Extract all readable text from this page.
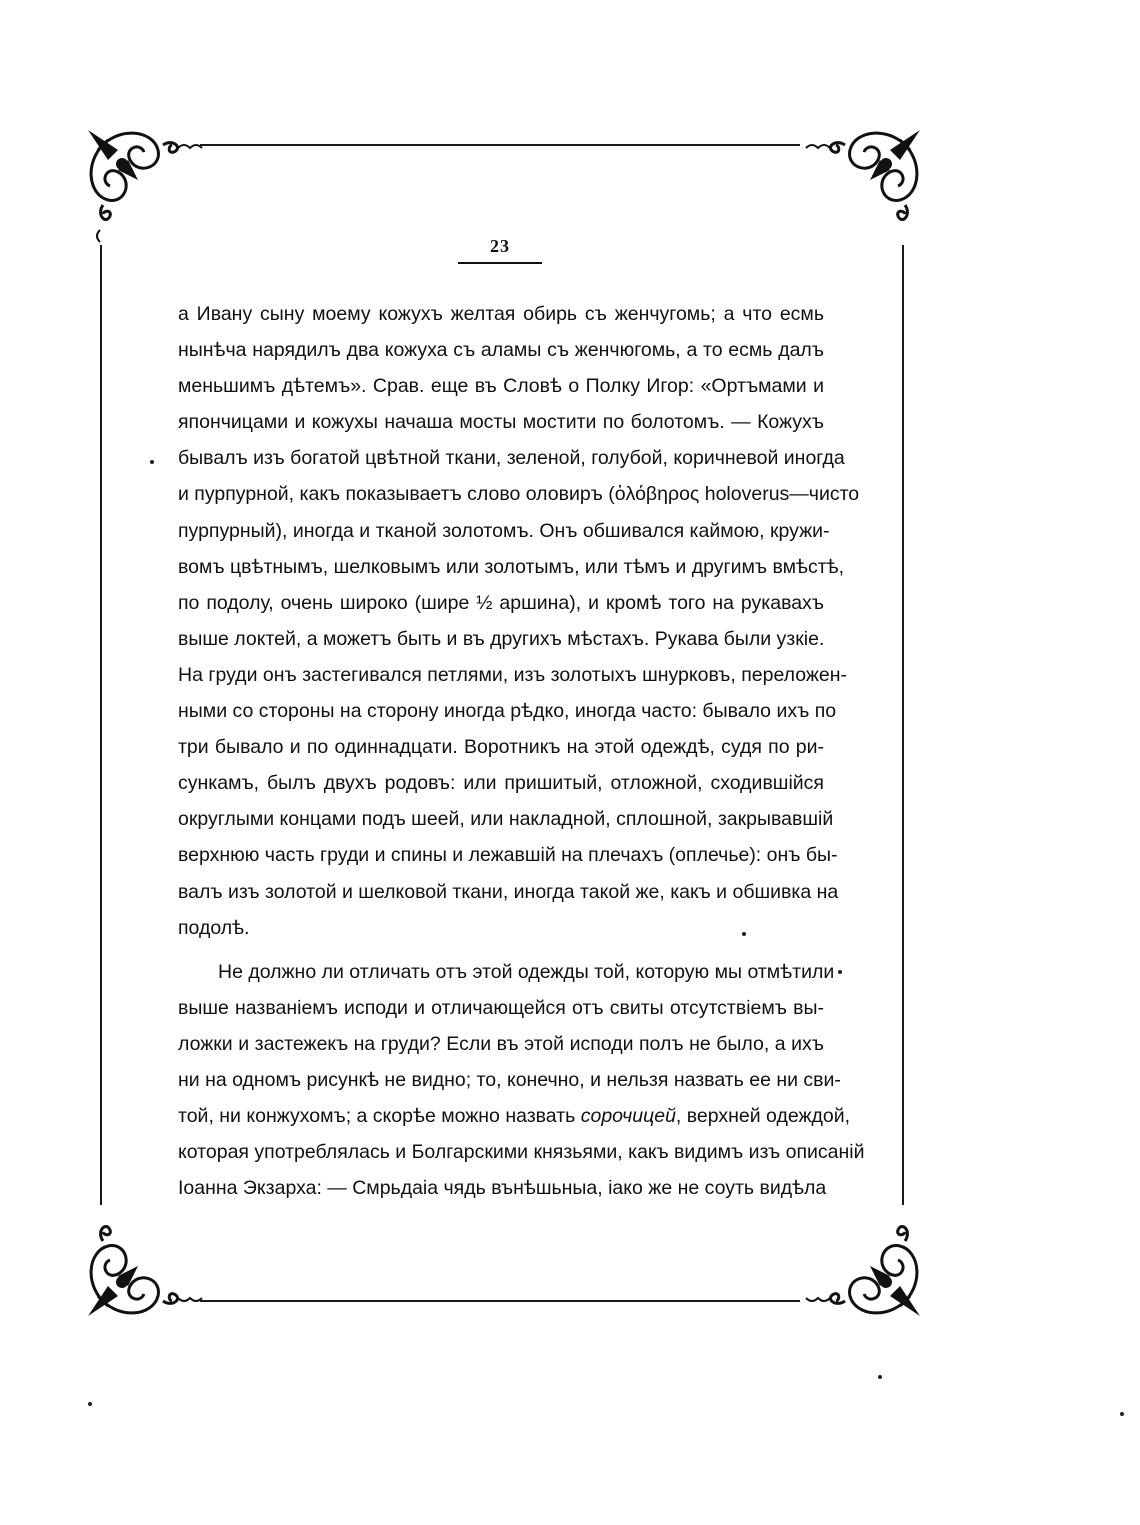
23
а Ивану сыну моему кожухъ желтая обирь съ женчугомь; а что есмь
нынѣча нарядилъ два кожуха съ аламы съ женчюгомь, а то есмь далъ
меньшимъ дѣтемъ». Срав. еще въ Словѣ о Полку Игор: «Ортъмами и
япончицами и кожухы начаша мосты мостити по болотомъ. — Кожухъ
бывалъ изъ богатой цвѣтной ткани, зеленой, голубой, коричневой иногда
и пурпурной, какъ показываетъ слово оловиръ (ὁλόβηρος holoverus—чисто
пурпурный), иногда и тканой золотомъ. Онъ обшивался каймою, кружи-
вомъ цвѣтнымъ, шелковымъ или золотымъ, или тѣмъ и другимъ вмѣстѣ,
по подолу, очень широко (шире ½ аршина), и кромѣ того на рукавахъ
выше локтей, а можетъ быть и въ другихъ мѣстахъ. Рукава были узкіе.
На груди онъ застегивался петлями, изъ золотыхъ шнурковъ, переложен-
ными со стороны на сторону иногда рѣдко, иногда часто: бывало ихъ по
три бывало и по одиннадцати. Воротникъ на этой одеждѣ, судя по ри-
сункамъ, былъ двухъ родовъ: или пришитый, отложной, сходившійся
округлыми концами подъ шеей, или накладной, сплошной, закрывавшій
верхнюю часть груди и спины и лежавшій на плечахъ (оплечье): онъ бы-
валъ изъ золотой и шелковой ткани, иногда такой же, какъ и обшивка на
подолѣ.
Не должно ли отличать отъ этой одежды той, которую мы отмѣтили
выше названіемъ исподи и отличающейся отъ свиты отсутствіемъ вы-
ложки и застежекъ на груди? Если въ этой исподи полъ не было, а ихъ
ни на одномъ рисункѣ не видно; то, конечно, и нельзя назвать ее ни сви-
той, ни конжухомъ; а скорѣе можно назвать сорочицей, верхней одеждой,
которая употреблялась и Болгарскими князьями, какъ видимъ изъ описаній
Іоанна Экзарха: — Смрьдаіа чядь вънѣшьныа, іако же не соуть видѣла
